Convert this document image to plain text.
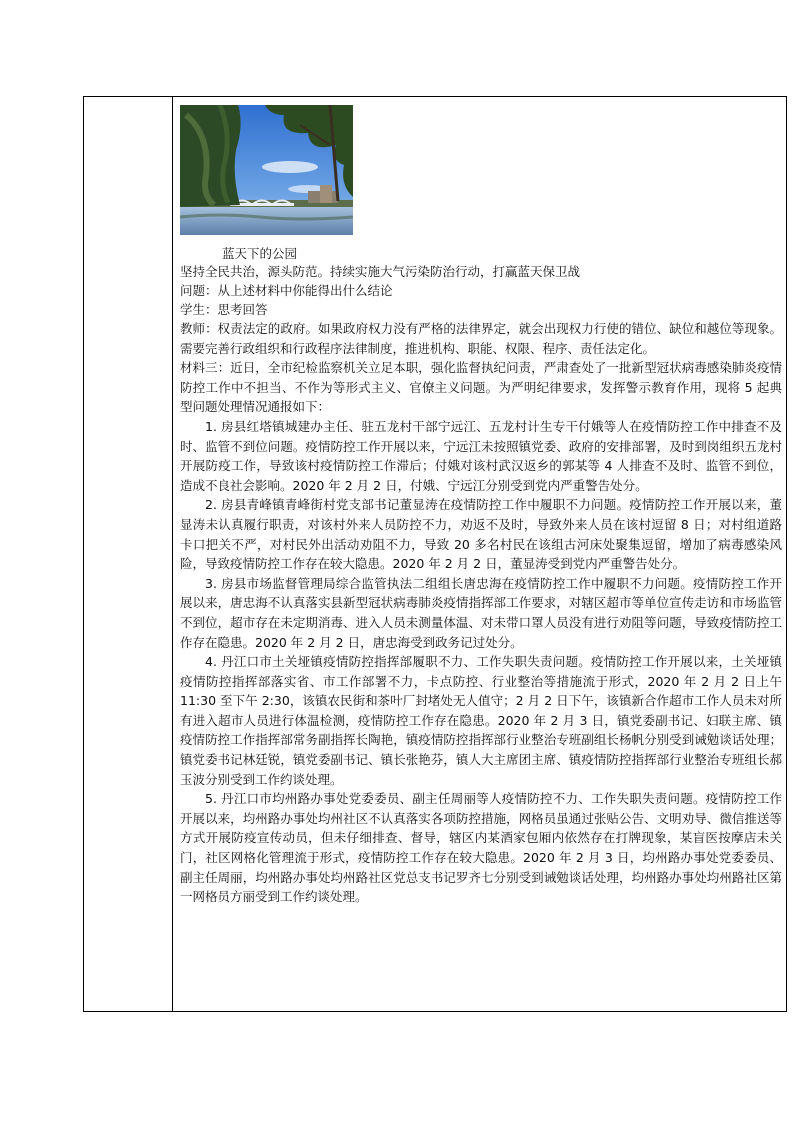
蓝天下的公园

坚持全民共治，源头防范。持续实施大气污染防治行动，打赢蓝天保卫战

问题：从上述材料中你能得出什么结论

学生：思考回答

教师：权责法定的政府。如果政府权力没有严格的法律界定，就会出现权力行使的错位、缺位和越位等现象。需要完善行政组织和行政程序法律制度，推进机构、职能、权限、程序、责任法定化。

材料三：近日，全市纪检监察机关立足本职，强化监督执纪问责，严肃查处了一批新型冠状病毒感染肺炎疫情防控工作中不担当、不作为等形式主义、官僚主义问题。为严明纪律要求，发挥警示教育作用，现将 5 起典型问题处理情况通报如下：

1. 房县红塔镇城建办主任、驻五龙村干部宁远江、五龙村计生专干付娥等人在疫情防控工作中排查不及时、监管不到位问题。疫情防控工作开展以来，宁远江未按照镇党委、政府的安排部署，及时到岗组织五龙村开展防疫工作，导致该村疫情防控工作滞后；付娥对该村武汉返乡的郭某等 4 人排查不及时、监管不到位，造成不良社会影响。2020 年 2 月 2 日，付娥、宁远江分别受到党内严重警告处分。

2. 房县青峰镇青峰街村党支部书记董显涛在疫情防控工作中履职不力问题。疫情防控工作开展以来，董显涛未认真履行职责，对该村外来人员防控不力，劝返不及时，导致外来人员在该村逗留 8 日；对村组道路卡口把关不严，对村民外出活动劝阻不力，导致 20 多名村民在该组古河床处聚集逗留，增加了病毒感染风险，导致疫情防控工作存在较大隐患。2020 年 2 月 2 日，董显涛受到党内严重警告处分。

3. 房县市场监督管理局综合监管执法二组组长唐忠海在疫情防控工作中履职不力问题。疫情防控工作开展以来，唐忠海不认真落实县新型冠状病毒肺炎疫情指挥部工作要求，对辖区超市等单位宣传走访和市场监管不到位，超市存在未定期消毒、进入人员未测量体温、对未带口罩人员没有进行劝阻等问题，导致疫情防控工作存在隐患。2020 年 2 月 2 日，唐忠海受到政务记过处分。

4. 丹江口市土关垭镇疫情防控指挥部履职不力、工作失职失责问题。疫情防控工作开展以来，土关垭镇疫情防控指挥部落实省、市工作部署不力，卡点防控、行业整治等措施流于形式，2020 年 2 月 2 日上午 11:30 至下午 2:30，该镇农民街和茶叶厂封堵处无人值守；2 月 2 日下午，该镇新合作超市工作人员未对所有进入超市人员进行体温检测，疫情防控工作存在隐患。2020 年 2 月 3 日，镇党委副书记、妇联主席、镇疫情防控工作指挥部常务副指挥长陶艳，镇疫情防控指挥部行业整治专班副组长杨帆分别受到诫勉谈话处理；镇党委书记林廷锐，镇党委副书记、镇长张艳芬，镇人大主席团主席、镇疫情防控指挥部行业整治专班组长郝玉波分别受到工作约谈处理。

5. 丹江口市均州路办事处党委委员、副主任周丽等人疫情防控不力、工作失职失责问题。疫情防控工作开展以来，均州路办事处均州社区不认真落实各项防控措施，网格员虽通过张贴公告、文明劝导、微信推送等方式开展防疫宣传动员，但未仔细排查、督导，辖区内某酒家包厢内依然存在打牌现象，某盲医按摩店未关门，社区网格化管理流于形式，疫情防控工作存在较大隐患。2020 年 2 月 3 日，均州路办事处党委委员、副主任周丽，均州路办事处均州路社区党总支书记罗齐七分别受到诫勉谈话处理，均州路办事处均州路社区第一网格员方丽受到工作约谈处理。
